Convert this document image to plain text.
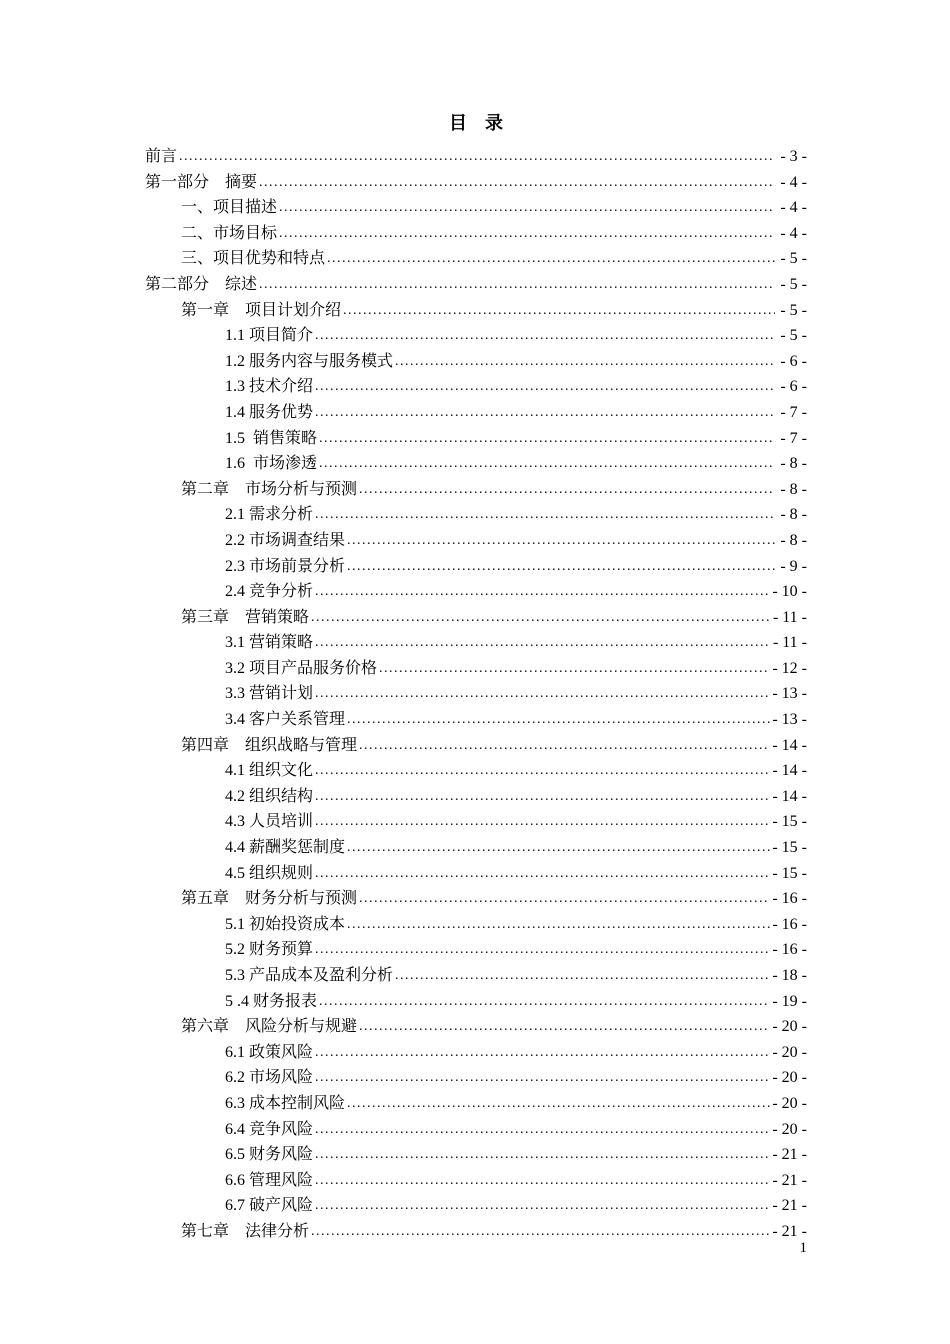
目　录
前言 .....	- 3 -
第一部分　摘要 .....	- 4 -
一、项目描述 .....	- 4 -
二、市场目标 .....	- 4 -
三、项目优势和特点 .....	- 5 -
第二部分　综述 .....	- 5 -
第一章　项目计划介绍 .....	- 5 -
1.1 项目简介 .....	- 5 -
1.2 服务内容与服务模式 .....	- 6 -
1.3 技术介绍 .....	- 6 -
1.4 服务优势 .....	- 7 -
1.5  销售策略 .....	- 7 -
1.6  市场渗透 .....	- 8 -
第二章　市场分析与预测 .....	- 8 -
2.1 需求分析 .....	- 8 -
2.2 市场调查结果 .....	- 8 -
2.3 市场前景分析 .....	- 9 -
2.4 竞争分析 .....	- 10 -
第三章　营销策略 .....	- 11 -
3.1 营销策略 .....	- 11 -
3.2 项目产品服务价格 .....	- 12 -
3.3 营销计划 .....	- 13 -
3.4 客户关系管理 .....	- 13 -
第四章　组织战略与管理 .....	- 14 -
4.1 组织文化 .....	- 14 -
4.2 组织结构 .....	- 14 -
4.3 人员培训 .....	- 15 -
4.4 薪酬奖惩制度 .....	- 15 -
4.5 组织规则 .....	- 15 -
第五章　财务分析与预测 .....	- 16 -
5.1 初始投资成本 .....	- 16 -
5.2 财务预算 .....	- 16 -
5.3 产品成本及盈利分析 .....	- 18 -
5 .4 财务报表 .....	- 19 -
第六章　风险分析与规避 .....	- 20 -
6.1 政策风险 .....	- 20 -
6.2 市场风险 .....	- 20 -
6.3 成本控制风险 .....	- 20 -
6.4 竞争风险 .....	- 20 -
6.5 财务风险 .....	- 21 -
6.6 管理风险 .....	- 21 -
6.7 破产风险 .....	- 21 -
第七章　法律分析 .....	- 21 -
1
